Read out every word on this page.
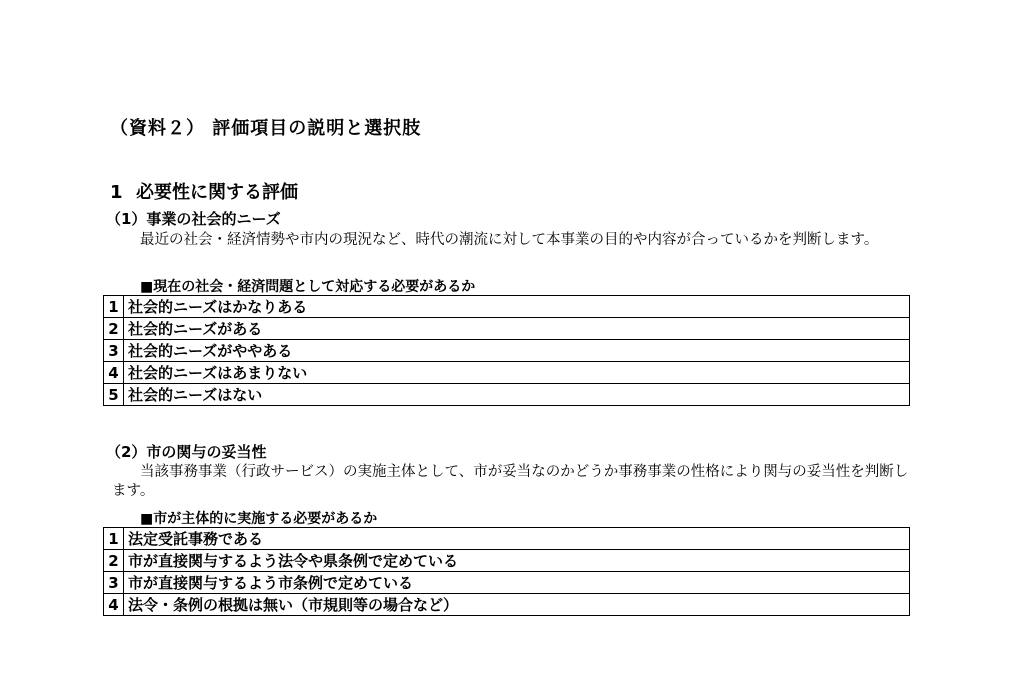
（資料２） 評価項目の説明と選択肢
1 必要性に関する評価
（1）事業の社会的ニーズ

最近の社会・経済情勢や市内の現況など、時代の潮流に対して本事業の目的や内容が合っているかを判断します。

■現在の社会・経済問題として対応する必要があるか
1	社会的ニーズはかなりある
2	社会的ニーズがある
3	社会的ニーズがややある
4	社会的ニーズはあまりない
5	社会的ニーズはない
（2）市の関与の妥当性

当該事務事業（行政サービス）の実施主体として、市が妥当なのかどうか事務事業の性格により関与の妥当性を判断します。

■市が主体的に実施する必要があるか
1	法定受託事務である
2	市が直接関与するよう法令や県条例で定めている
3	市が直接関与するよう市条例で定めている
4	法令・条例の根拠は無い（市規則等の場合など）
